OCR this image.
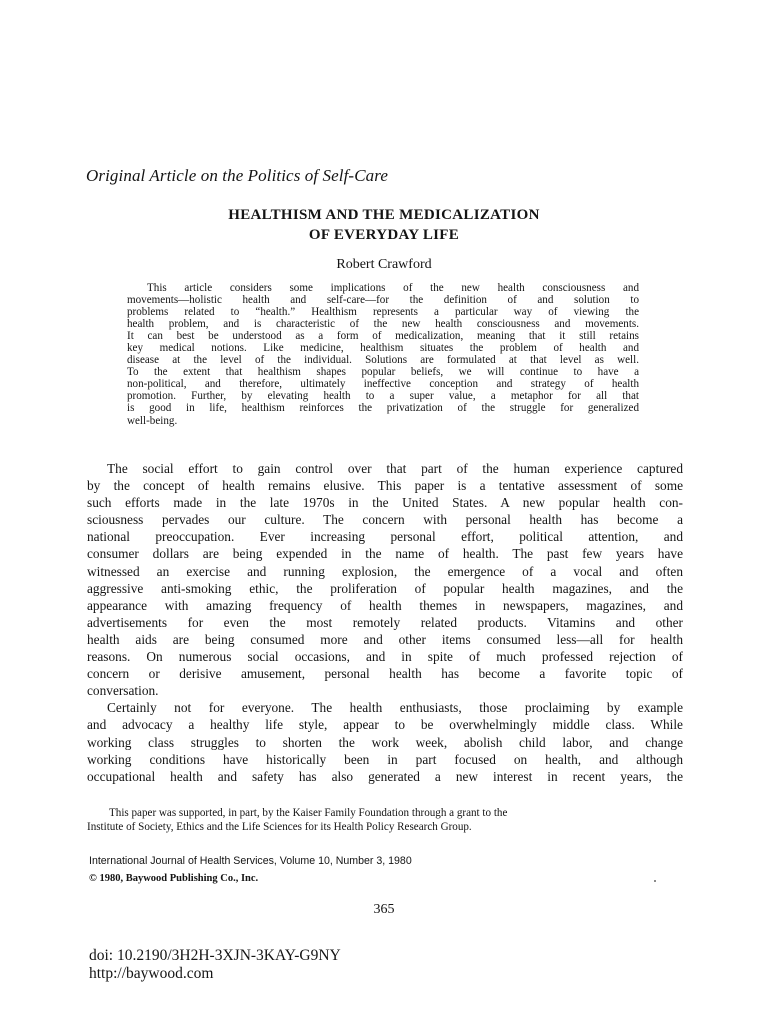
Original Article on the Politics of Self-Care
HEALTHISM AND THE MEDICALIZATION
OF EVERYDAY LIFE
Robert Crawford
This article considers some implications of the new health consciousness and
movements—holistic health and self-care—for the definition of and solution to
problems related to “health.” Healthism represents a particular way of viewing the
health problem, and is characteristic of the new health consciousness and movements.
It can best be understood as a form of medicalization, meaning that it still retains
key medical notions. Like medicine, healthism situates the problem of health and
disease at the level of the individual. Solutions are formulated at that level as well.
To the extent that healthism shapes popular beliefs, we will continue to have a
non-political, and therefore, ultimately ineffective conception and strategy of health
promotion. Further, by elevating health to a super value, a metaphor for all that
is good in life, healthism reinforces the privatization of the struggle for generalized
well-being.
The social effort to gain control over that part of the human experience captured
by the concept of health remains elusive. This paper is a tentative assessment of some
such efforts made in the late 1970s in the United States. A new popular health con-
sciousness pervades our culture. The concern with personal health has become a
national preoccupation. Ever increasing personal effort, political attention, and
consumer dollars are being expended in the name of health. The past few years have
witnessed an exercise and running explosion, the emergence of a vocal and often
aggressive anti-smoking ethic, the proliferation of popular health magazines, and the
appearance with amazing frequency of health themes in newspapers, magazines, and
advertisements for even the most remotely related products. Vitamins and other
health aids are being consumed more and other items consumed less—all for health
reasons. On numerous social occasions, and in spite of much professed rejection of
concern or derisive amusement, personal health has become a favorite topic of
conversation.
Certainly not for everyone. The health enthusiasts, those proclaiming by example
and advocacy a healthy life style, appear to be overwhelmingly middle class. While
working class struggles to shorten the work week, abolish child labor, and change
working conditions have historically been in part focused on health, and although
occupational health and safety has also generated a new interest in recent years, the
This paper was supported, in part, by the Kaiser Family Foundation through a grant to the
Institute of Society, Ethics and the Life Sciences for its Health Policy Research Group.
International Journal of Health Services, Volume 10, Number 3, 1980
© 1980, Baywood Publishing Co., Inc.
365
doi: 10.2190/3H2H-3XJN-3KAY-G9NY
http://baywood.com
